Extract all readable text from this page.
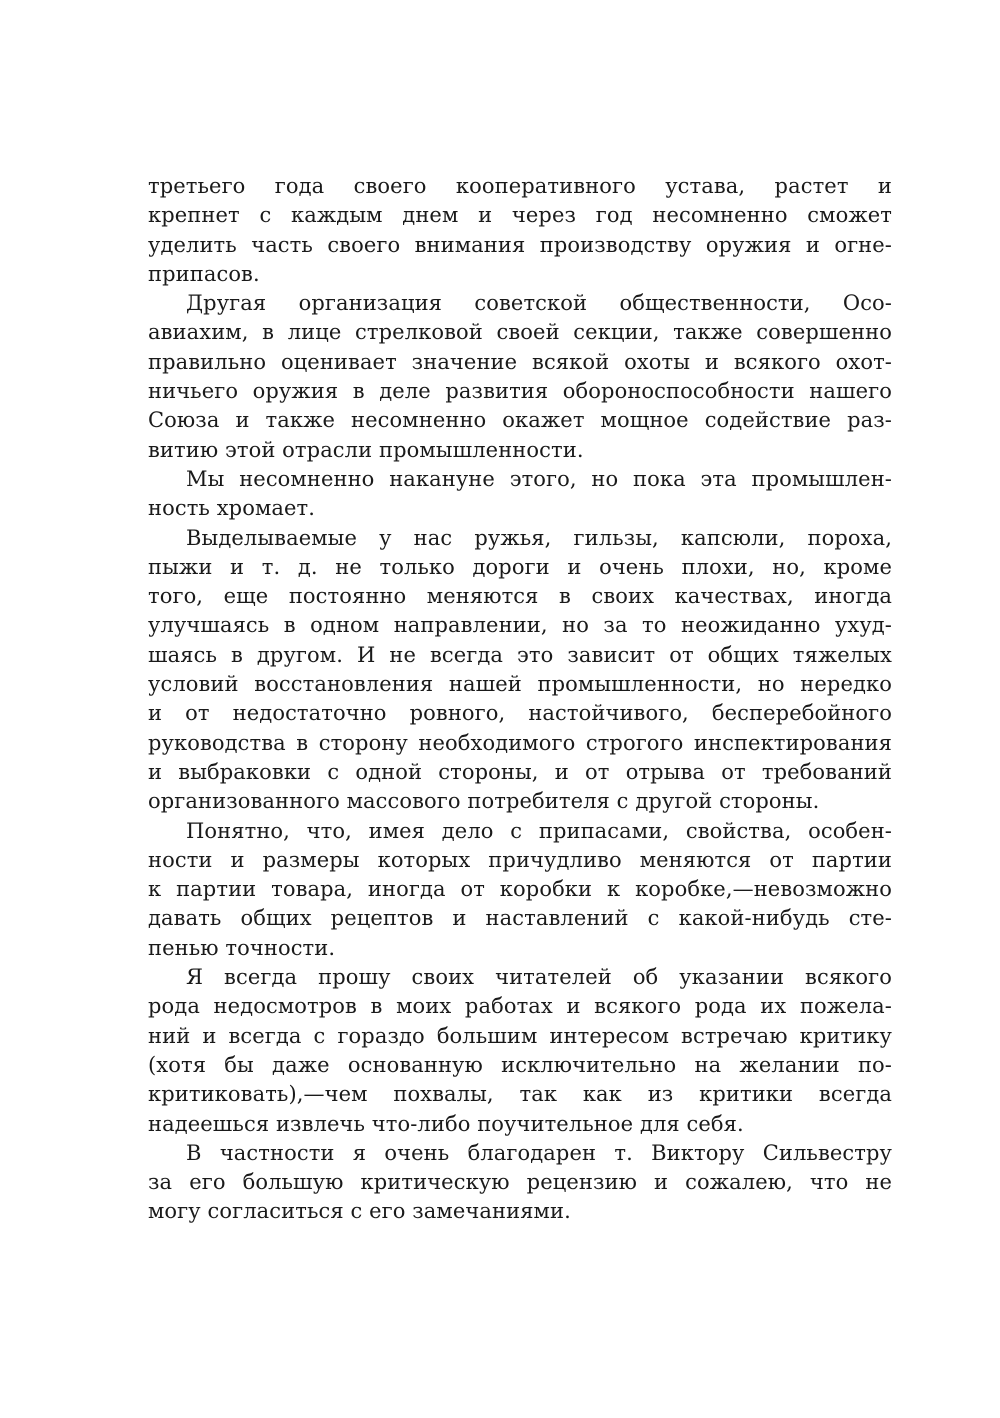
третьего года своего кооперативного устава, растет и
крепнет с каждым днем и через год несомненно сможет
уделить часть своего внимания производству оружия и огне-
припасов.
Другая организация советской общественности, Осо-
авиахим, в лице стрелковой своей секции, также совершенно
правильно оценивает значение всякой охоты и всякого охот-
ничьего оружия в деле развития обороноспособности нашего
Союза и также несомненно окажет мощное содействие раз-
витию этой отрасли промышленности.
Мы несомненно накануне этого, но пока эта промышлен-
ность хромает.
Выделываемые у нас ружья, гильзы, капсюли, пороха,
пыжи и т. д. не только дороги и очень плохи, но, кроме
того, еще постоянно меняются в своих качествах, иногда
улучшаясь в одном направлении, но за то неожиданно ухуд-
шаясь в другом. И не всегда это зависит от общих тяжелых
условий восстановления нашей промышленности, но нередко
и от недостаточно ровного, настойчивого, бесперебойного
руководства в сторону необходимого строгого инспектирования
и выбраковки с одной стороны, и от отрыва от требований
организованного массового потребителя с другой стороны.
Понятно, что, имея дело с припасами, свойства, особен-
ности и размеры которых причудливо меняются от партии
к партии товара, иногда от коробки к коробке,—невозможно
давать общих рецептов и наставлений с какой-нибудь сте-
пенью точности.
Я всегда прошу своих читателей об указании всякого
рода недосмотров в моих работах и всякого рода их пожела-
ний и всегда с гораздо большим интересом встречаю критику
(хотя бы даже основанную исключительно на желании по-
критиковать),—чем похвалы, так как из критики всегда
надеешься извлечь что-либо поучительное для себя.
В частности я очень благодарен т. Виктору Сильвестру
за его большую критическую рецензию и сожалею, что не
могу согласиться с его замечаниями.
